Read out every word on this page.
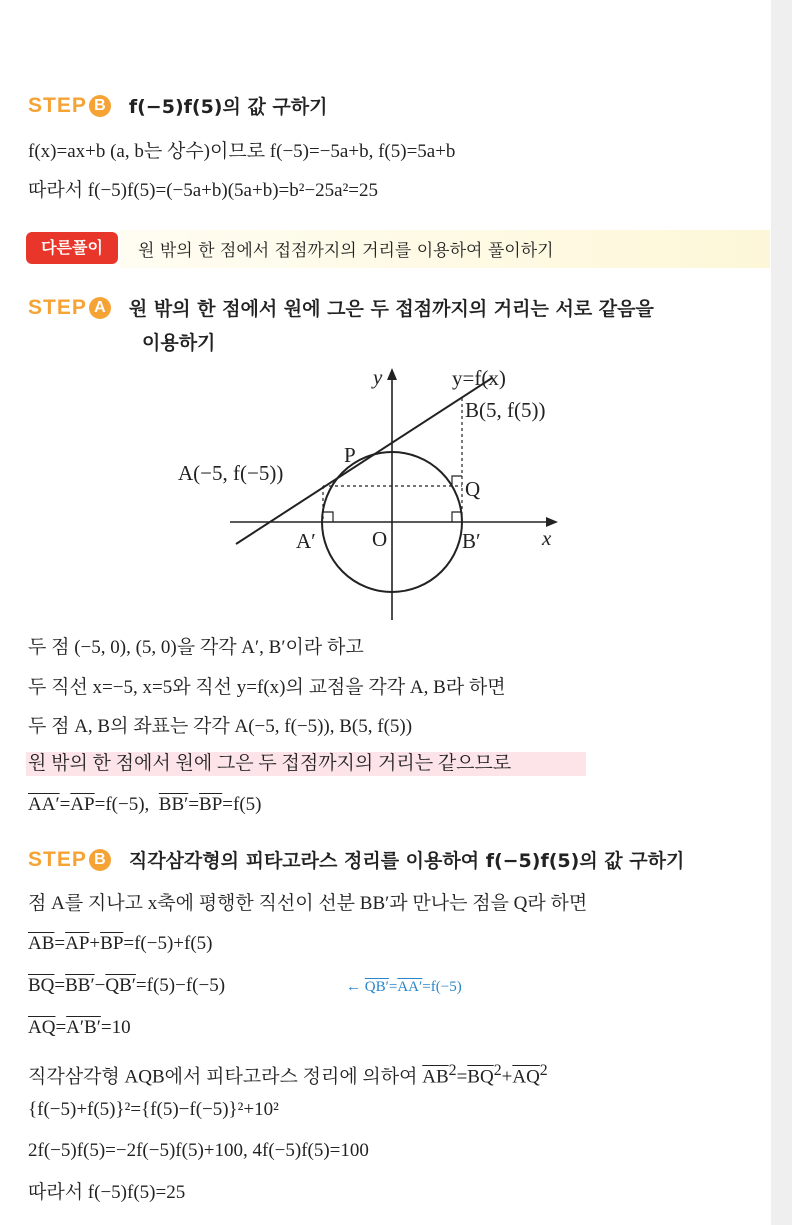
STEP B f(−5)f(5)의 값 구하기
f(x)=ax+b (a, b는 상수)이므로 f(−5)=−5a+b, f(5)=5a+b
따라서 f(−5)f(5)=(−5a+b)(5a+b)=b²−25a²=25
다른풀이	원 밖의 한 점에서 접점까지의 거리를 이용하여 풀이하기
STEP A 원 밖의 한 점에서 원에 그은 두 접점까지의 거리는 서로 같음을
이용하기
y
x
O
y=f(x)
B(5, f(5))
A(−5, f(−5))
P
Q
A′	B′
두 점 (−5, 0), (5, 0)을 각각 A′, B′이라 하고
두 직선 x=−5, x=5와 직선 y=f(x)의 교점을 각각 A, B라 하면
두 점 A, B의 좌표는 각각 A(−5, f(−5)), B(5, f(5))
원 밖의 한 점에서 원에 그은 두 접점까지의 거리는 같으므로
$AA'=\overline{AP}=f(-5)$, $BB'=\overline{BP}=f(5)$
STEP B 직각삼각형의 피타고라스 정리를 이용하여 f(−5)f(5)의 값 구하기
점 A를 지나고 x축에 평행한 직선이 선분 BB′과 만나는 점을 Q라 하면
$\overline{AB}=\overline{AP}+\overline{BP}=f(-5)+f(5)$
$\overline{BQ}=BB'-QB'=f(5)-f(-5)$	← QB′=AA′=f(−5)
$\overline{AQ}=A'B'=10$
직각삼각형 AQB에서 피타고라스 정리에 의하여 $\overline{AB}^2=\overline{BQ}^2+\overline{AQ}^2$
{f(−5)+f(5)}²={f(5)−f(−5)}²+10²
2f(−5)f(5)=−2f(−5)f(5)+100, 4f(−5)f(5)=100
따라서 f(−5)f(5)=25
